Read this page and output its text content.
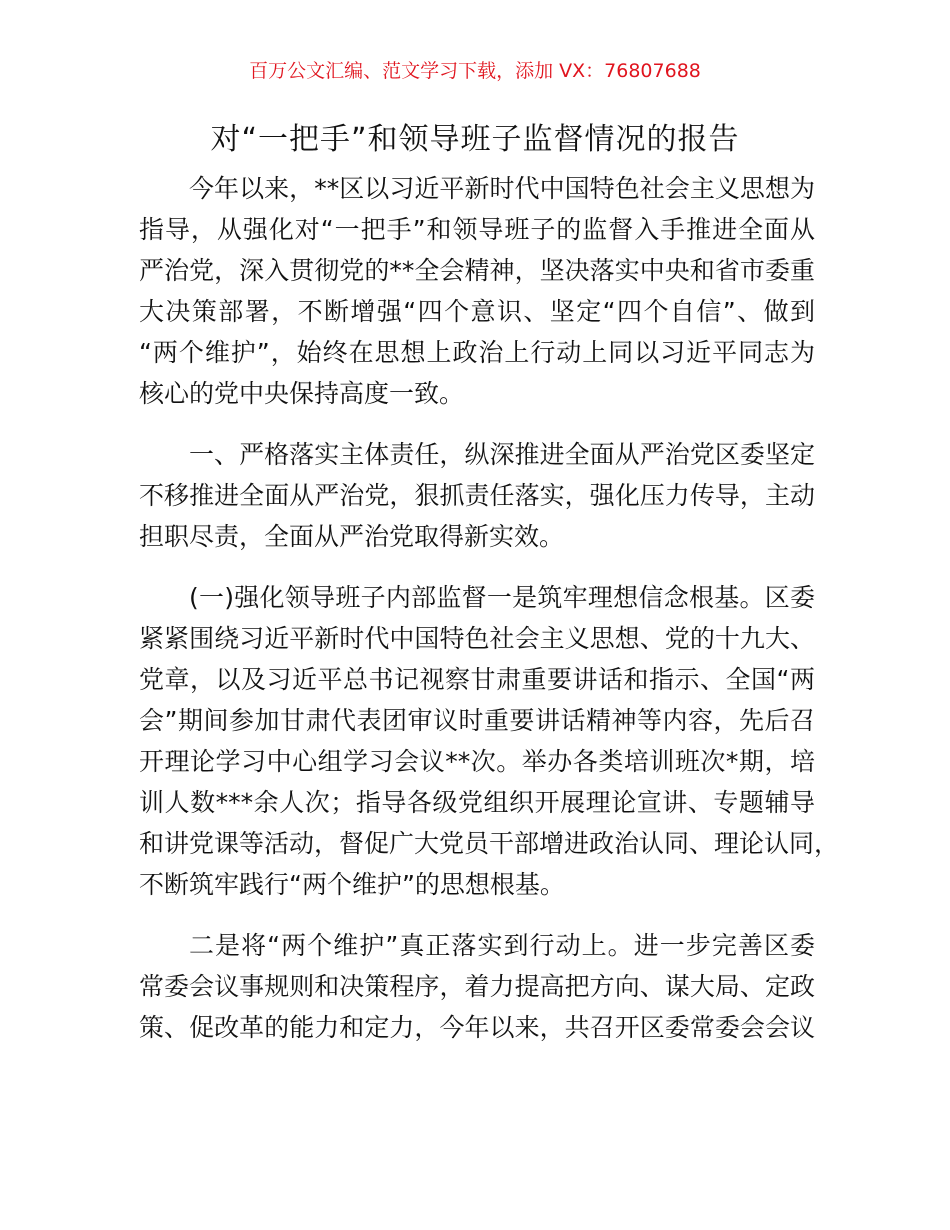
百万公文汇编、范文学习下载，添加 VX：76807688
对“一把手”和领导班子监督情况的报告
今年以来，**区以习近平新时代中国特色社会主义思想为
指导，从强化对“一把手”和领导班子的监督入手推进全面从
严治党，深入贯彻党的**全会精神，坚决落实中央和省市委重
大决策部署，不断增强“四个意识、坚定“四个自信”、做到
“两个维护”，始终在思想上政治上行动上同以习近平同志为
核心的党中央保持高度一致。
一、严格落实主体责任，纵深推进全面从严治党区委坚定
不移推进全面从严治党，狠抓责任落实，强化压力传导，主动
担职尽责，全面从严治党取得新实效。
(一)强化领导班子内部监督一是筑牢理想信念根基。区委
紧紧围绕习近平新时代中国特色社会主义思想、党的十九大、
党章，以及习近平总书记视察甘肃重要讲话和指示、全国“两
会”期间参加甘肃代表团审议时重要讲话精神等内容，先后召
开理论学习中心组学习会议**次。举办各类培训班次*期，培
训人数***余人次；指导各级党组织开展理论宣讲、专题辅导
和讲党课等活动，督促广大党员干部增进政治认同、理论认同，
不断筑牢践行“两个维护”的思想根基。
二是将“两个维护”真正落实到行动上。进一步完善区委
常委会议事规则和决策程序，着力提高把方向、谋大局、定政
策、促改革的能力和定力，今年以来，共召开区委常委会会议
